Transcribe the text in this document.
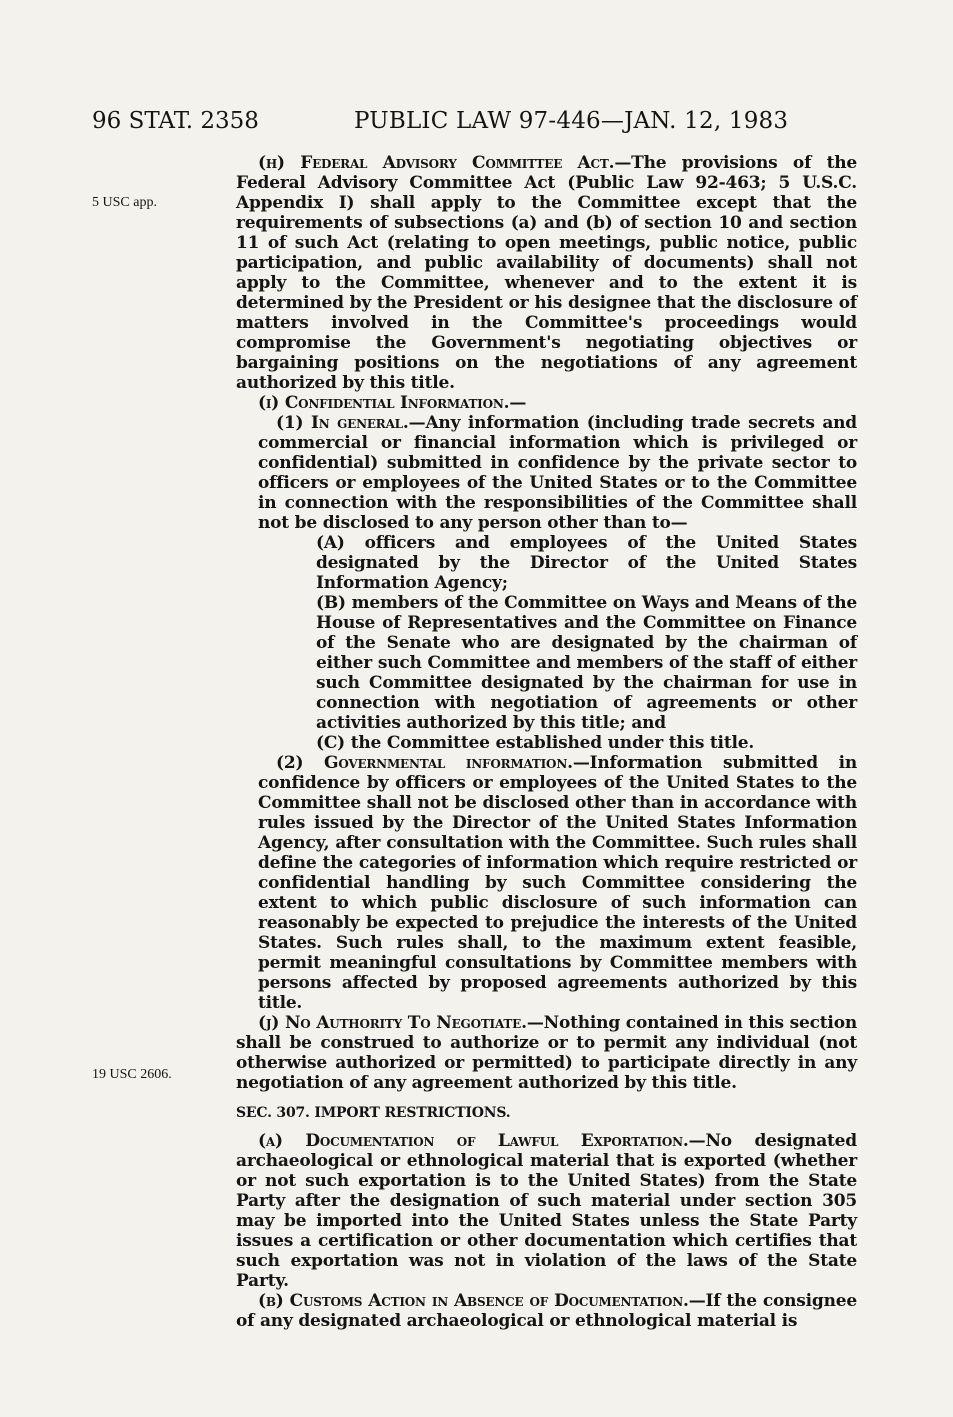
96 STAT. 2358	PUBLIC LAW 97-446—JAN. 12, 1983
5 USC app.
19 USC 2606.

(h) Federal Advisory Committee Act.—The provisions of the Federal Advisory Committee Act (Public Law 92-463; 5 U.S.C. Appendix I) shall apply to the Committee except that the requirements of subsections (a) and (b) of section 10 and section 11 of such Act (relating to open meetings, public notice, public participation, and public availability of documents) shall not apply to the Committee, whenever and to the extent it is determined by the President or his designee that the disclosure of matters involved in the Committee's proceedings would compromise the Government's negotiating objectives or bargaining positions on the negotiations of any agreement authorized by this title.

(i) Confidential Information.—

(1) In general.—Any information (including trade secrets and commercial or financial information which is privileged or confidential) submitted in confidence by the private sector to officers or employees of the United States or to the Committee in connection with the responsibilities of the Committee shall not be disclosed to any person other than to—

(A) officers and employees of the United States designated by the Director of the United States Information Agency;

(B) members of the Committee on Ways and Means of the House of Representatives and the Committee on Finance of the Senate who are designated by the chairman of either such Committee and members of the staff of either such Committee designated by the chairman for use in connection with negotiation of agreements or other activities authorized by this title; and

(C) the Committee established under this title.

(2) Governmental information.—Information submitted in confidence by officers or employees of the United States to the Committee shall not be disclosed other than in accordance with rules issued by the Director of the United States Information Agency, after consultation with the Committee. Such rules shall define the categories of information which require restricted or confidential handling by such Committee considering the extent to which public disclosure of such information can reasonably be expected to prejudice the interests of the United States. Such rules shall, to the maximum extent feasible, permit meaningful consultations by Committee members with persons affected by proposed agreements authorized by this title.

(j) No Authority To Negotiate.—Nothing contained in this section shall be construed to authorize or to permit any individual (not otherwise authorized or permitted) to participate directly in any negotiation of any agreement authorized by this title.

SEC. 307. IMPORT RESTRICTIONS.

(a) Documentation of Lawful Exportation.—No designated archaeological or ethnological material that is exported (whether or not such exportation is to the United States) from the State Party after the designation of such material under section 305 may be imported into the United States unless the State Party issues a certification or other documentation which certifies that such exportation was not in violation of the laws of the State Party.

(b) Customs Action in Absence of Documentation.—If the consignee of any designated archaeological or ethnological material is
